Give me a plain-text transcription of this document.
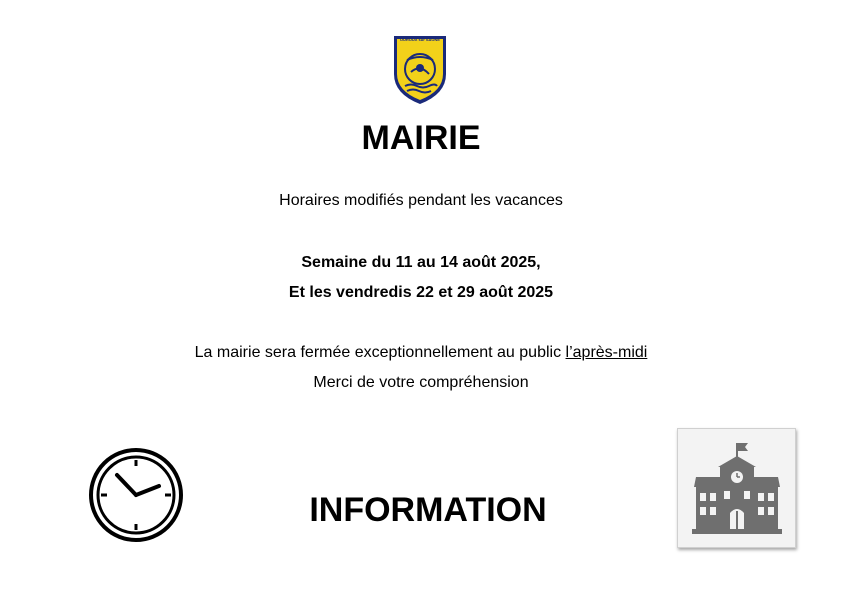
OUROUX sur SAÔNE
MAIRIE
Horaires modifiés pendant les vacances
Semaine du 11 au 14 août 2025,
Et les vendredis 22 et 29 août 2025
La mairie sera fermée exceptionnellement au public l’après-midi
Merci de votre compréhension
INFORMATION
